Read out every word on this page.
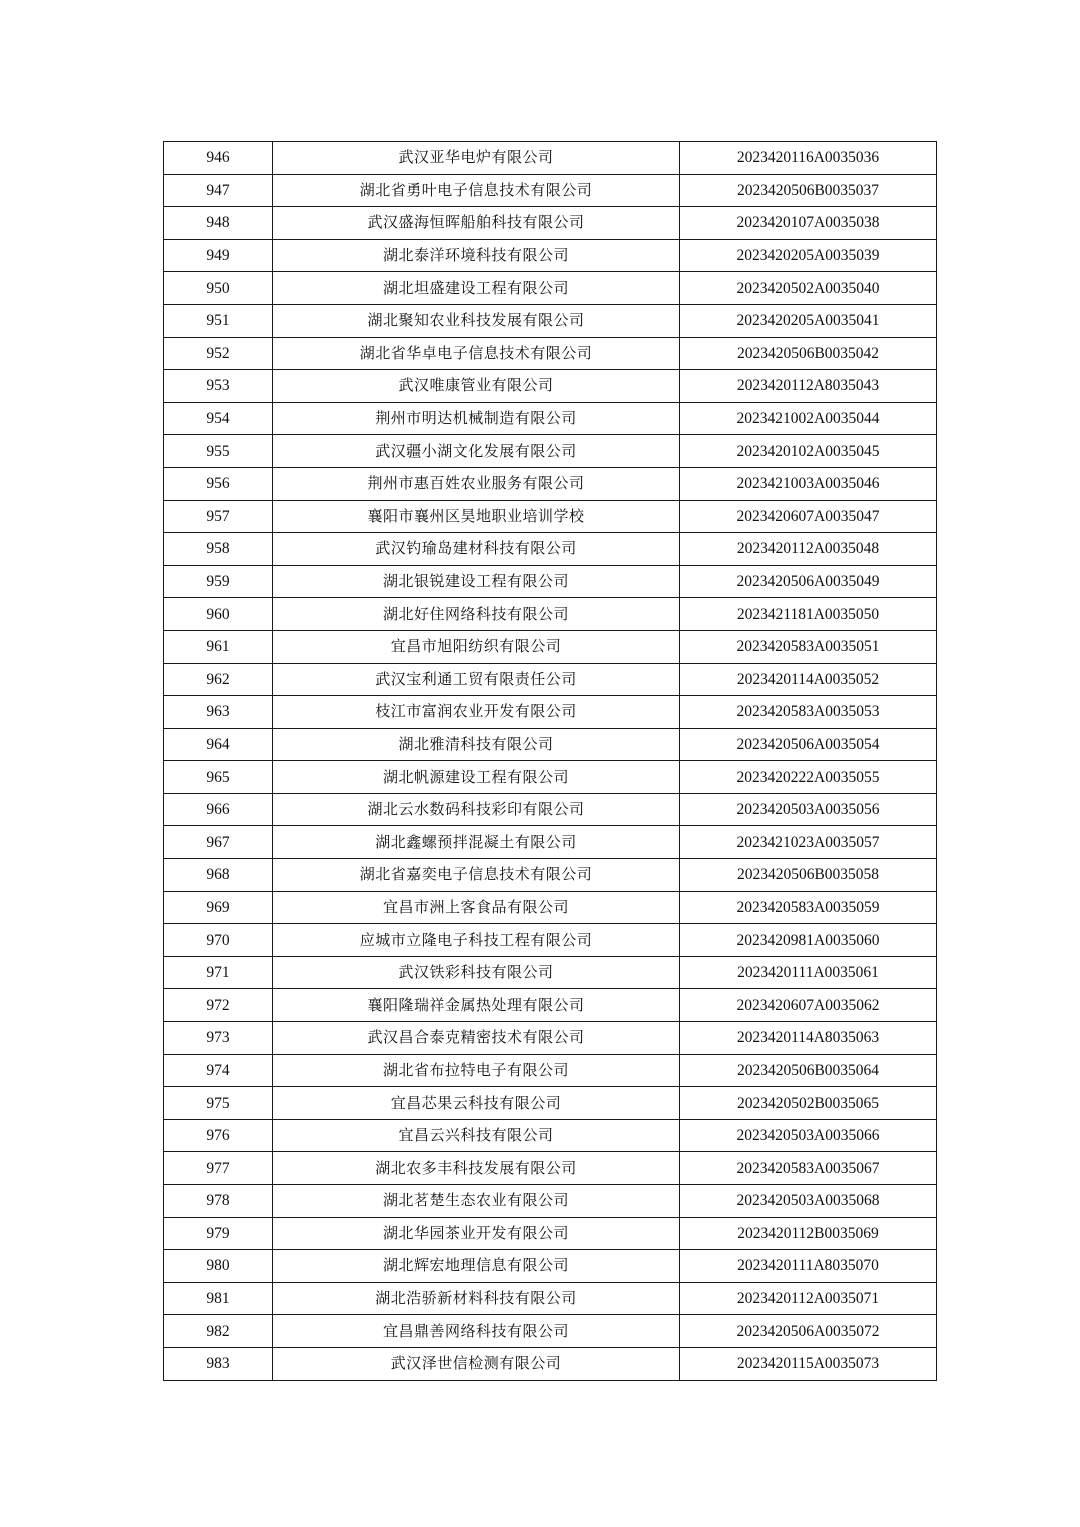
946	武汉亚华电炉有限公司	2023420116A0035036
947	湖北省勇叶电子信息技术有限公司	2023420506B0035037
948	武汉盛海恒晖船舶科技有限公司	2023420107A0035038
949	湖北泰洋环境科技有限公司	2023420205A0035039
950	湖北坦盛建设工程有限公司	2023420502A0035040
951	湖北聚知农业科技发展有限公司	2023420205A0035041
952	湖北省华卓电子信息技术有限公司	2023420506B0035042
953	武汉唯康管业有限公司	2023420112A8035043
954	荆州市明达机械制造有限公司	2023421002A0035044
955	武汉疆小湖文化发展有限公司	2023420102A0035045
956	荆州市惠百姓农业服务有限公司	2023421003A0035046
957	襄阳市襄州区昊地职业培训学校	2023420607A0035047
958	武汉钓瑜岛建材科技有限公司	2023420112A0035048
959	湖北银锐建设工程有限公司	2023420506A0035049
960	湖北好住网络科技有限公司	2023421181A0035050
961	宜昌市旭阳纺织有限公司	2023420583A0035051
962	武汉宝利通工贸有限责任公司	2023420114A0035052
963	枝江市富润农业开发有限公司	2023420583A0035053
964	湖北雅清科技有限公司	2023420506A0035054
965	湖北帆源建设工程有限公司	2023420222A0035055
966	湖北云水数码科技彩印有限公司	2023420503A0035056
967	湖北鑫螺预拌混凝土有限公司	2023421023A0035057
968	湖北省嘉奕电子信息技术有限公司	2023420506B0035058
969	宜昌市洲上客食品有限公司	2023420583A0035059
970	应城市立隆电子科技工程有限公司	2023420981A0035060
971	武汉铁彩科技有限公司	2023420111A0035061
972	襄阳隆瑞祥金属热处理有限公司	2023420607A0035062
973	武汉昌合泰克精密技术有限公司	2023420114A8035063
974	湖北省布拉特电子有限公司	2023420506B0035064
975	宜昌芯果云科技有限公司	2023420502B0035065
976	宜昌云兴科技有限公司	2023420503A0035066
977	湖北农多丰科技发展有限公司	2023420583A0035067
978	湖北茗楚生态农业有限公司	2023420503A0035068
979	湖北华园茶业开发有限公司	2023420112B0035069
980	湖北辉宏地理信息有限公司	2023420111A8035070
981	湖北浩骄新材料科技有限公司	2023420112A0035071
982	宜昌鼎善网络科技有限公司	2023420506A0035072
983	武汉泽世信检测有限公司	2023420115A0035073
